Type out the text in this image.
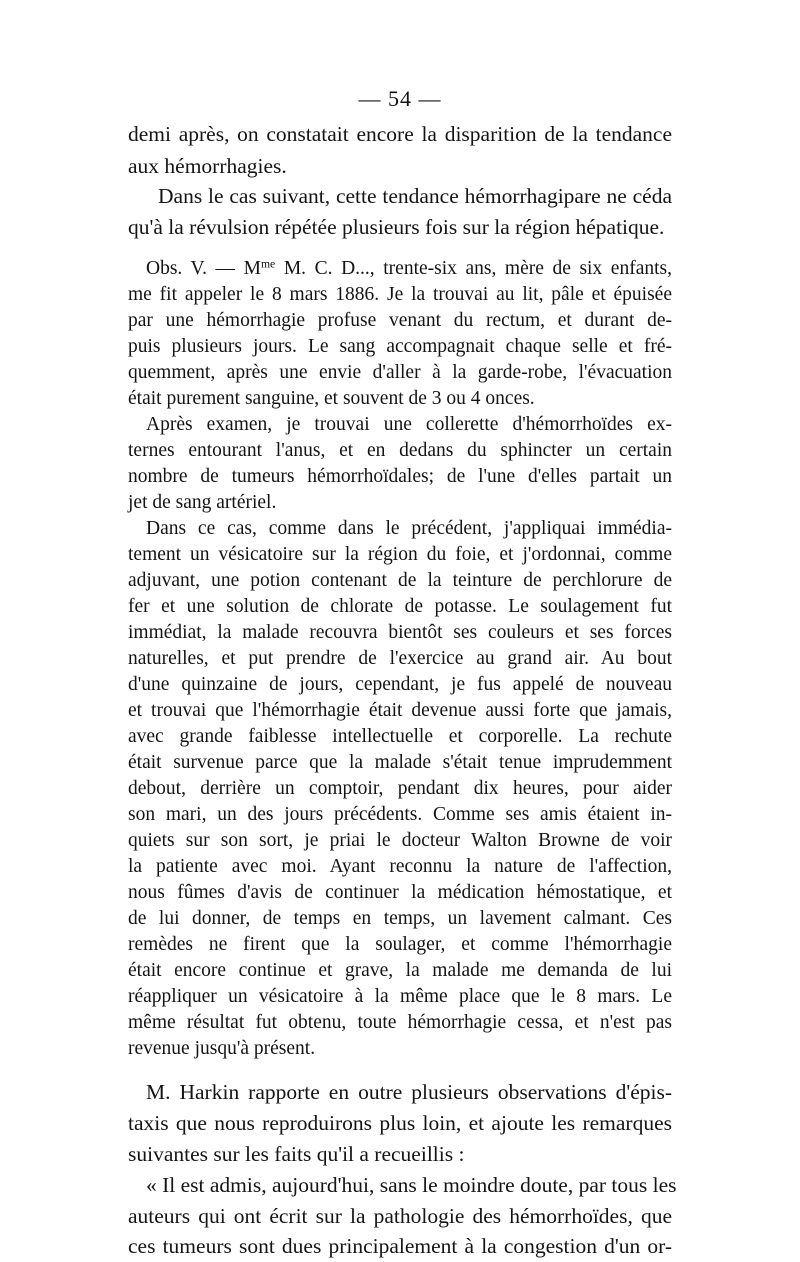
— 54 —

demi après, on constatait encore la disparition de la tendance

aux hémorrhagies.

Dans le cas suivant, cette tendance hémorrhagipare ne céda

qu'à la révulsion répétée plusieurs fois sur la région hépatique.

Obs. V. — $M^{me}$ M. C. D..., trente-six ans, mère de six enfants,

me fit appeler le 8 mars 1886. Je la trouvai au lit, pâle et épuisée

par une hémorrhagie profuse venant du rectum, et durant de-

puis plusieurs jours. Le sang accompagnait chaque selle et fré-

quemment, après une envie d'aller à la garde-robe, l'évacuation

était purement sanguine, et souvent de 3 ou 4 onces.

Après examen, je trouvai une collerette d'hémorrhoïdes ex-

ternes entourant l'anus, et en dedans du sphincter un certain

nombre de tumeurs hémorrhoïdales; de l'une d'elles partait un

jet de sang artériel.

Dans ce cas, comme dans le précédent, j'appliquai immédia-

tement un vésicatoire sur la région du foie, et j'ordonnai, comme

adjuvant, une potion contenant de la teinture de perchlorure de

fer et une solution de chlorate de potasse. Le soulagement fut

immédiat, la malade recouvra bientôt ses couleurs et ses forces

naturelles, et put prendre de l'exercice au grand air. Au bout

d'une quinzaine de jours, cependant, je fus appelé de nouveau

et trouvai que l'hémorrhagie était devenue aussi forte que jamais,

avec grande faiblesse intellectuelle et corporelle. La rechute

était survenue parce que la malade s'était tenue imprudemment

debout, derrière un comptoir, pendant dix heures, pour aider

son mari, un des jours précédents. Comme ses amis étaient in-

quiets sur son sort, je priai le docteur Walton Browne de voir

la patiente avec moi. Ayant reconnu la nature de l'affection,

nous fûmes d'avis de continuer la médication hémostatique, et

de lui donner, de temps en temps, un lavement calmant. Ces

remèdes ne firent que la soulager, et comme l'hémorrhagie

était encore continue et grave, la malade me demanda de lui

réappliquer un vésicatoire à la même place que le 8 mars. Le

même résultat fut obtenu, toute hémorrhagie cessa, et n'est pas

revenue jusqu'à présent.

M. Harkin rapporte en outre plusieurs observations d'épis-

taxis que nous reproduirons plus loin, et ajoute les remarques

suivantes sur les faits qu'il a recueillis :

« Il est admis, aujourd'hui, sans le moindre doute, par tous les

auteurs qui ont écrit sur la pathologie des hémorrhoïdes, que

ces tumeurs sont dues principalement à la congestion d'un or-
